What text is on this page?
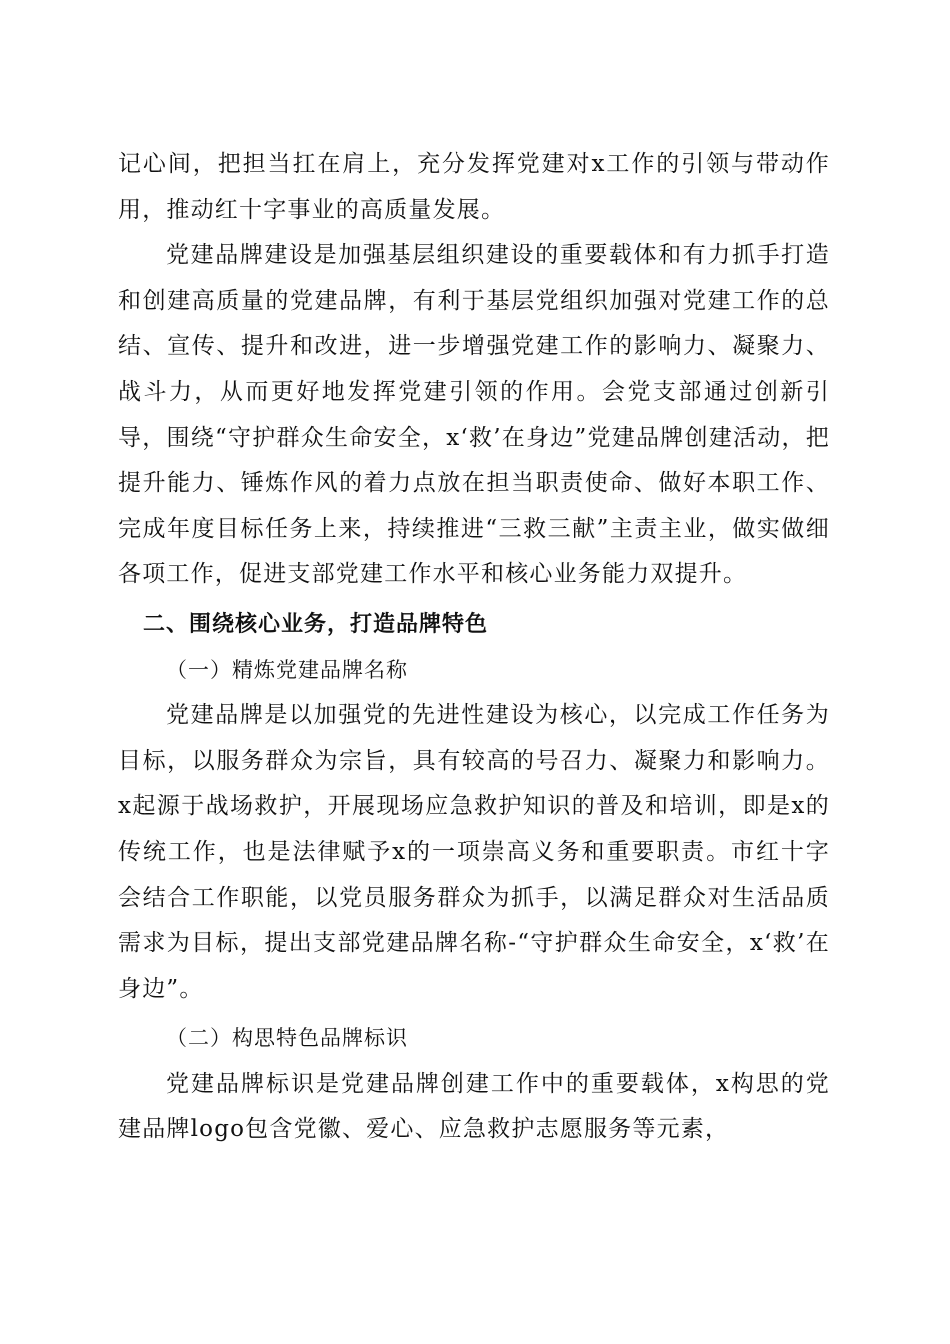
记心间，把担当扛在肩上，充分发挥党建对x工作的引领与带动作用，推动红十字事业的高质量发展。

党建品牌建设是加强基层组织建设的重要载体和有力抓手打造和创建高质量的党建品牌，有利于基层党组织加强对党建工作的总结、宣传、提升和改进，进一步增强党建工作的影响力、凝聚力、战斗力，从而更好地发挥党建引领的作用。会党支部通过创新引导，围绕“守护群众生命安全，x‘救’在身边”党建品牌创建活动，把提升能力、锤炼作风的着力点放在担当职责使命、做好本职工作、完成年度目标任务上来，持续推进“三救三献”主责主业，做实做细各项工作，促进支部党建工作水平和核心业务能力双提升。

二、围绕核心业务，打造品牌特色
（一）精炼党建品牌名称

党建品牌是以加强党的先进性建设为核心，以完成工作任务为目标，以服务群众为宗旨，具有较高的号召力、凝聚力和影响力。x起源于战场救护，开展现场应急救护知识的普及和培训，即是x的传统工作，也是法律赋予x的一项崇高义务和重要职责。市红十字会结合工作职能，以党员服务群众为抓手，以满足群众对生活品质需求为目标，提出支部党建品牌名称-“守护群众生命安全，x‘救’在身边”。

（二）构思特色品牌标识

党建品牌标识是党建品牌创建工作中的重要载体，x构思的党建品牌logo包含党徽、爱心、应急救护志愿服务等元素，
